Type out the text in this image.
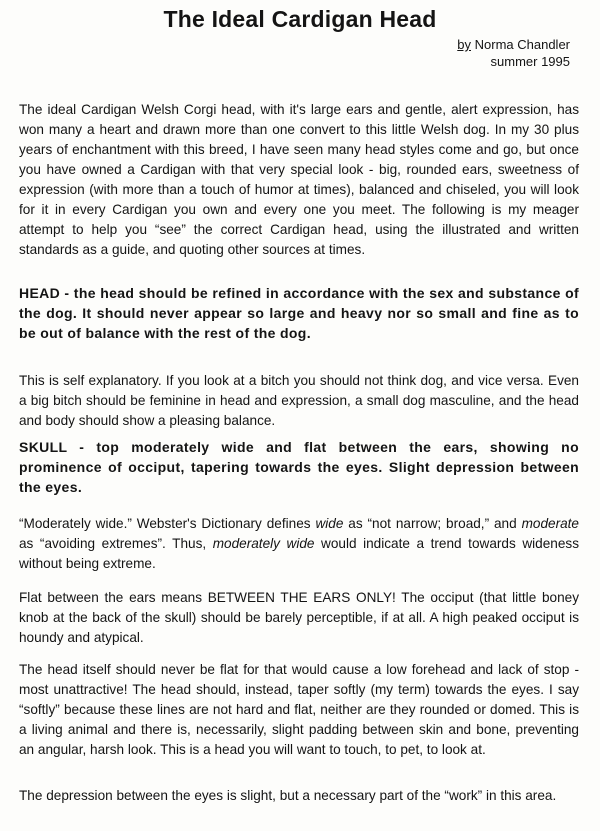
The Ideal Cardigan Head
by Norma Chandler
summer 1995

The ideal Cardigan Welsh Corgi head, with it's large ears and gentle, alert expression, has won many a heart and drawn more than one convert to this little Welsh dog. In my 30 plus years of enchantment with this breed, I have seen many head styles come and go, but once you have owned a Cardigan with that very special look - big, rounded ears, sweetness of expression (with more than a touch of humor at times), balanced and chiseled, you will look for it in every Cardigan you own and every one you meet. The following is my meager attempt to help you “see” the correct Cardigan head, using the illustrated and written standards as a guide, and quoting other sources at times.

HEAD - the head should be refined in accordance with the sex and substance of the dog. It should never appear so large and heavy nor so small and fine as to be out of balance with the rest of the dog.

This is self explanatory. If you look at a bitch you should not think dog, and vice versa. Even a big bitch should be feminine in head and expression, a small dog masculine, and the head and body should show a pleasing balance.

SKULL - top moderately wide and flat between the ears, showing no prominence of occiput, tapering towards the eyes. Slight depression between the eyes.

“Moderately wide.” Webster's Dictionary defines wide as “not narrow; broad,” and moderate as “avoiding extremes”. Thus, moderately wide would indicate a trend towards wideness without being extreme.

Flat between the ears means BETWEEN THE EARS ONLY! The occiput (that little boney knob at the back of the skull) should be barely perceptible, if at all. A high peaked occiput is houndy and atypical.

The head itself should never be flat for that would cause a low forehead and lack of stop - most unattractive! The head should, instead, taper softly (my term) towards the eyes. I say “softly” because these lines are not hard and flat, neither are they rounded or domed. This is a living animal and there is, necessarily, slight padding between skin and bone, preventing an angular, harsh look. This is a head you will want to touch, to pet, to look at.

The depression between the eyes is slight, but a necessary part of the “work” in this area.
